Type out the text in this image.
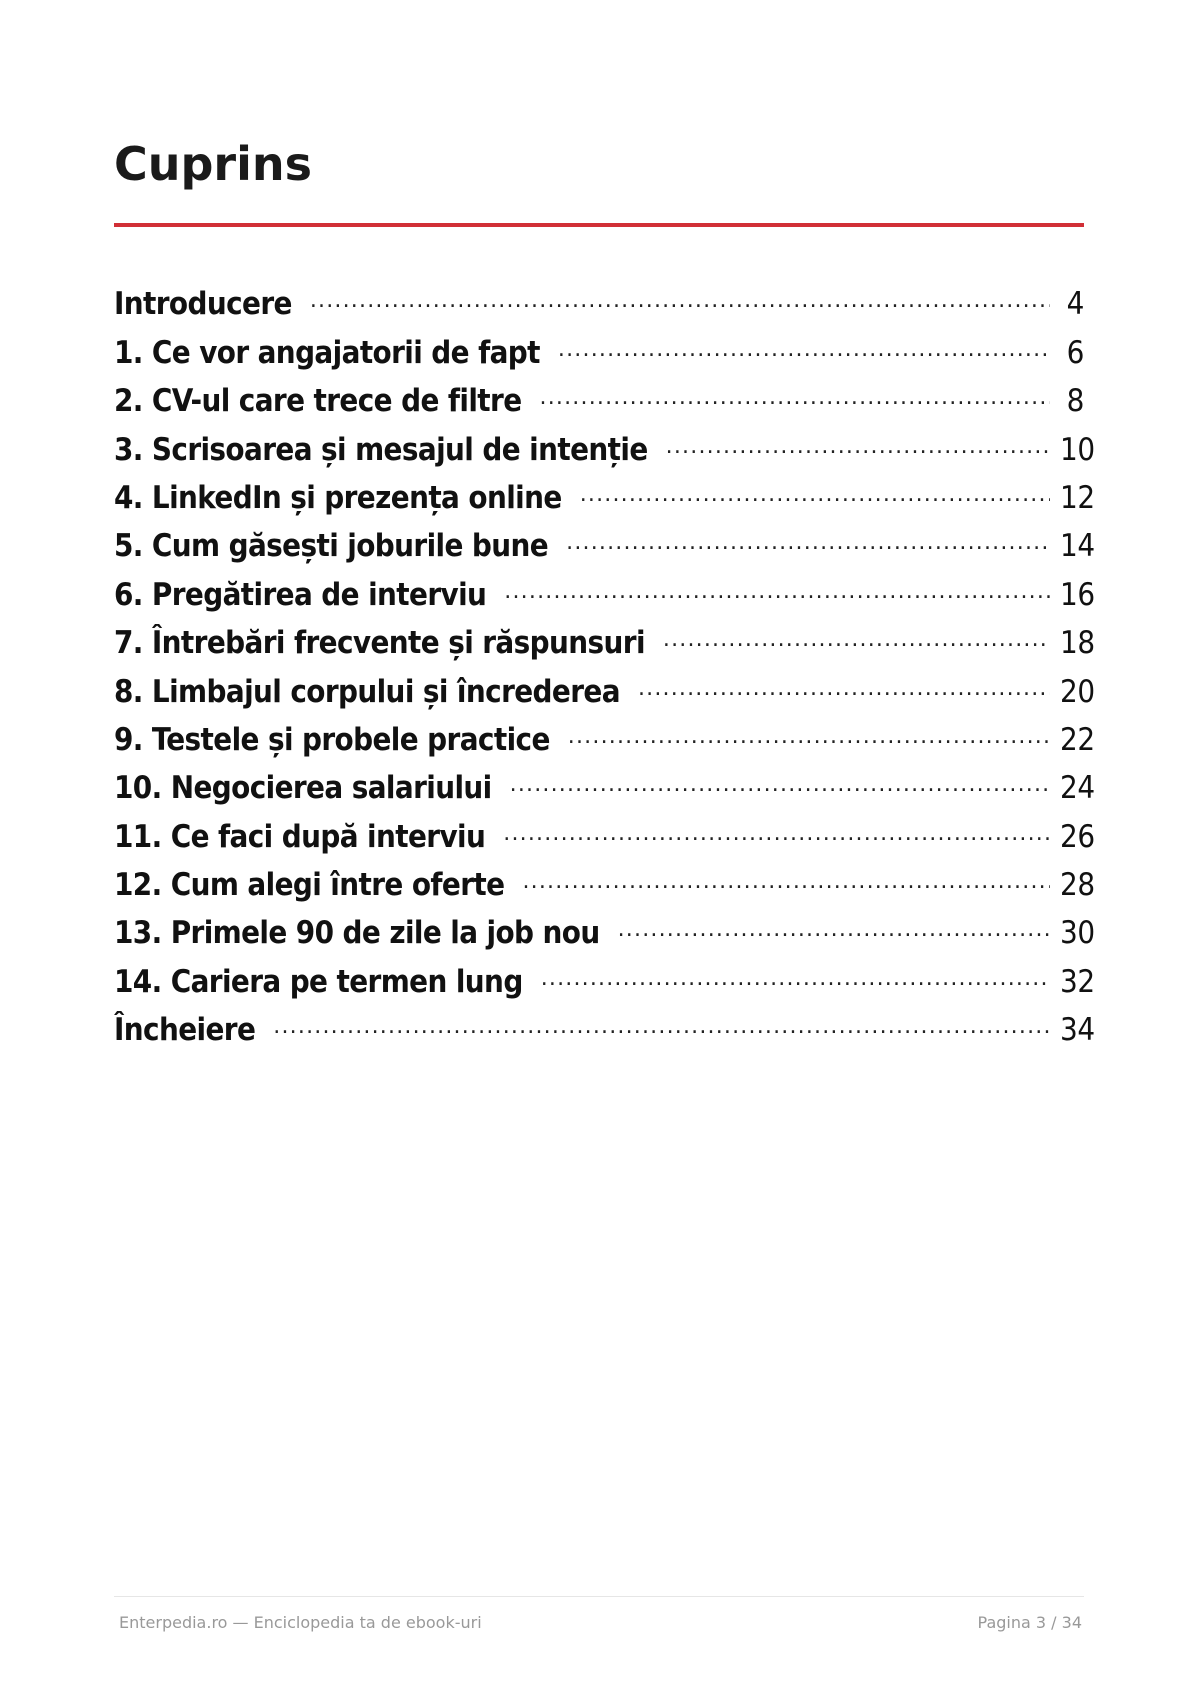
Cuprins
Introducere .....	4
1. Ce vor angajatorii de fapt .....	6
2. CV-ul care trece de filtre .....	8
3. Scrisoarea și mesajul de intenție .....	10
4. LinkedIn și prezența online .....	12
5. Cum găsești joburile bune .....	14
6. Pregătirea de interviu .....	16
7. Întrebări frecvente și răspunsuri .....	18
8. Limbajul corpului și încrederea .....	20
9. Testele și probele practice .....	22
10. Negocierea salariului .....	24
11. Ce faci după interviu .....	26
12. Cum alegi între oferte .....	28
13. Primele 90 de zile la job nou .....	30
14. Cariera pe termen lung .....	32
Încheiere .....	34
Enterpedia.ro — Enciclopedia ta de ebook-uri	Pagina 3 / 34
